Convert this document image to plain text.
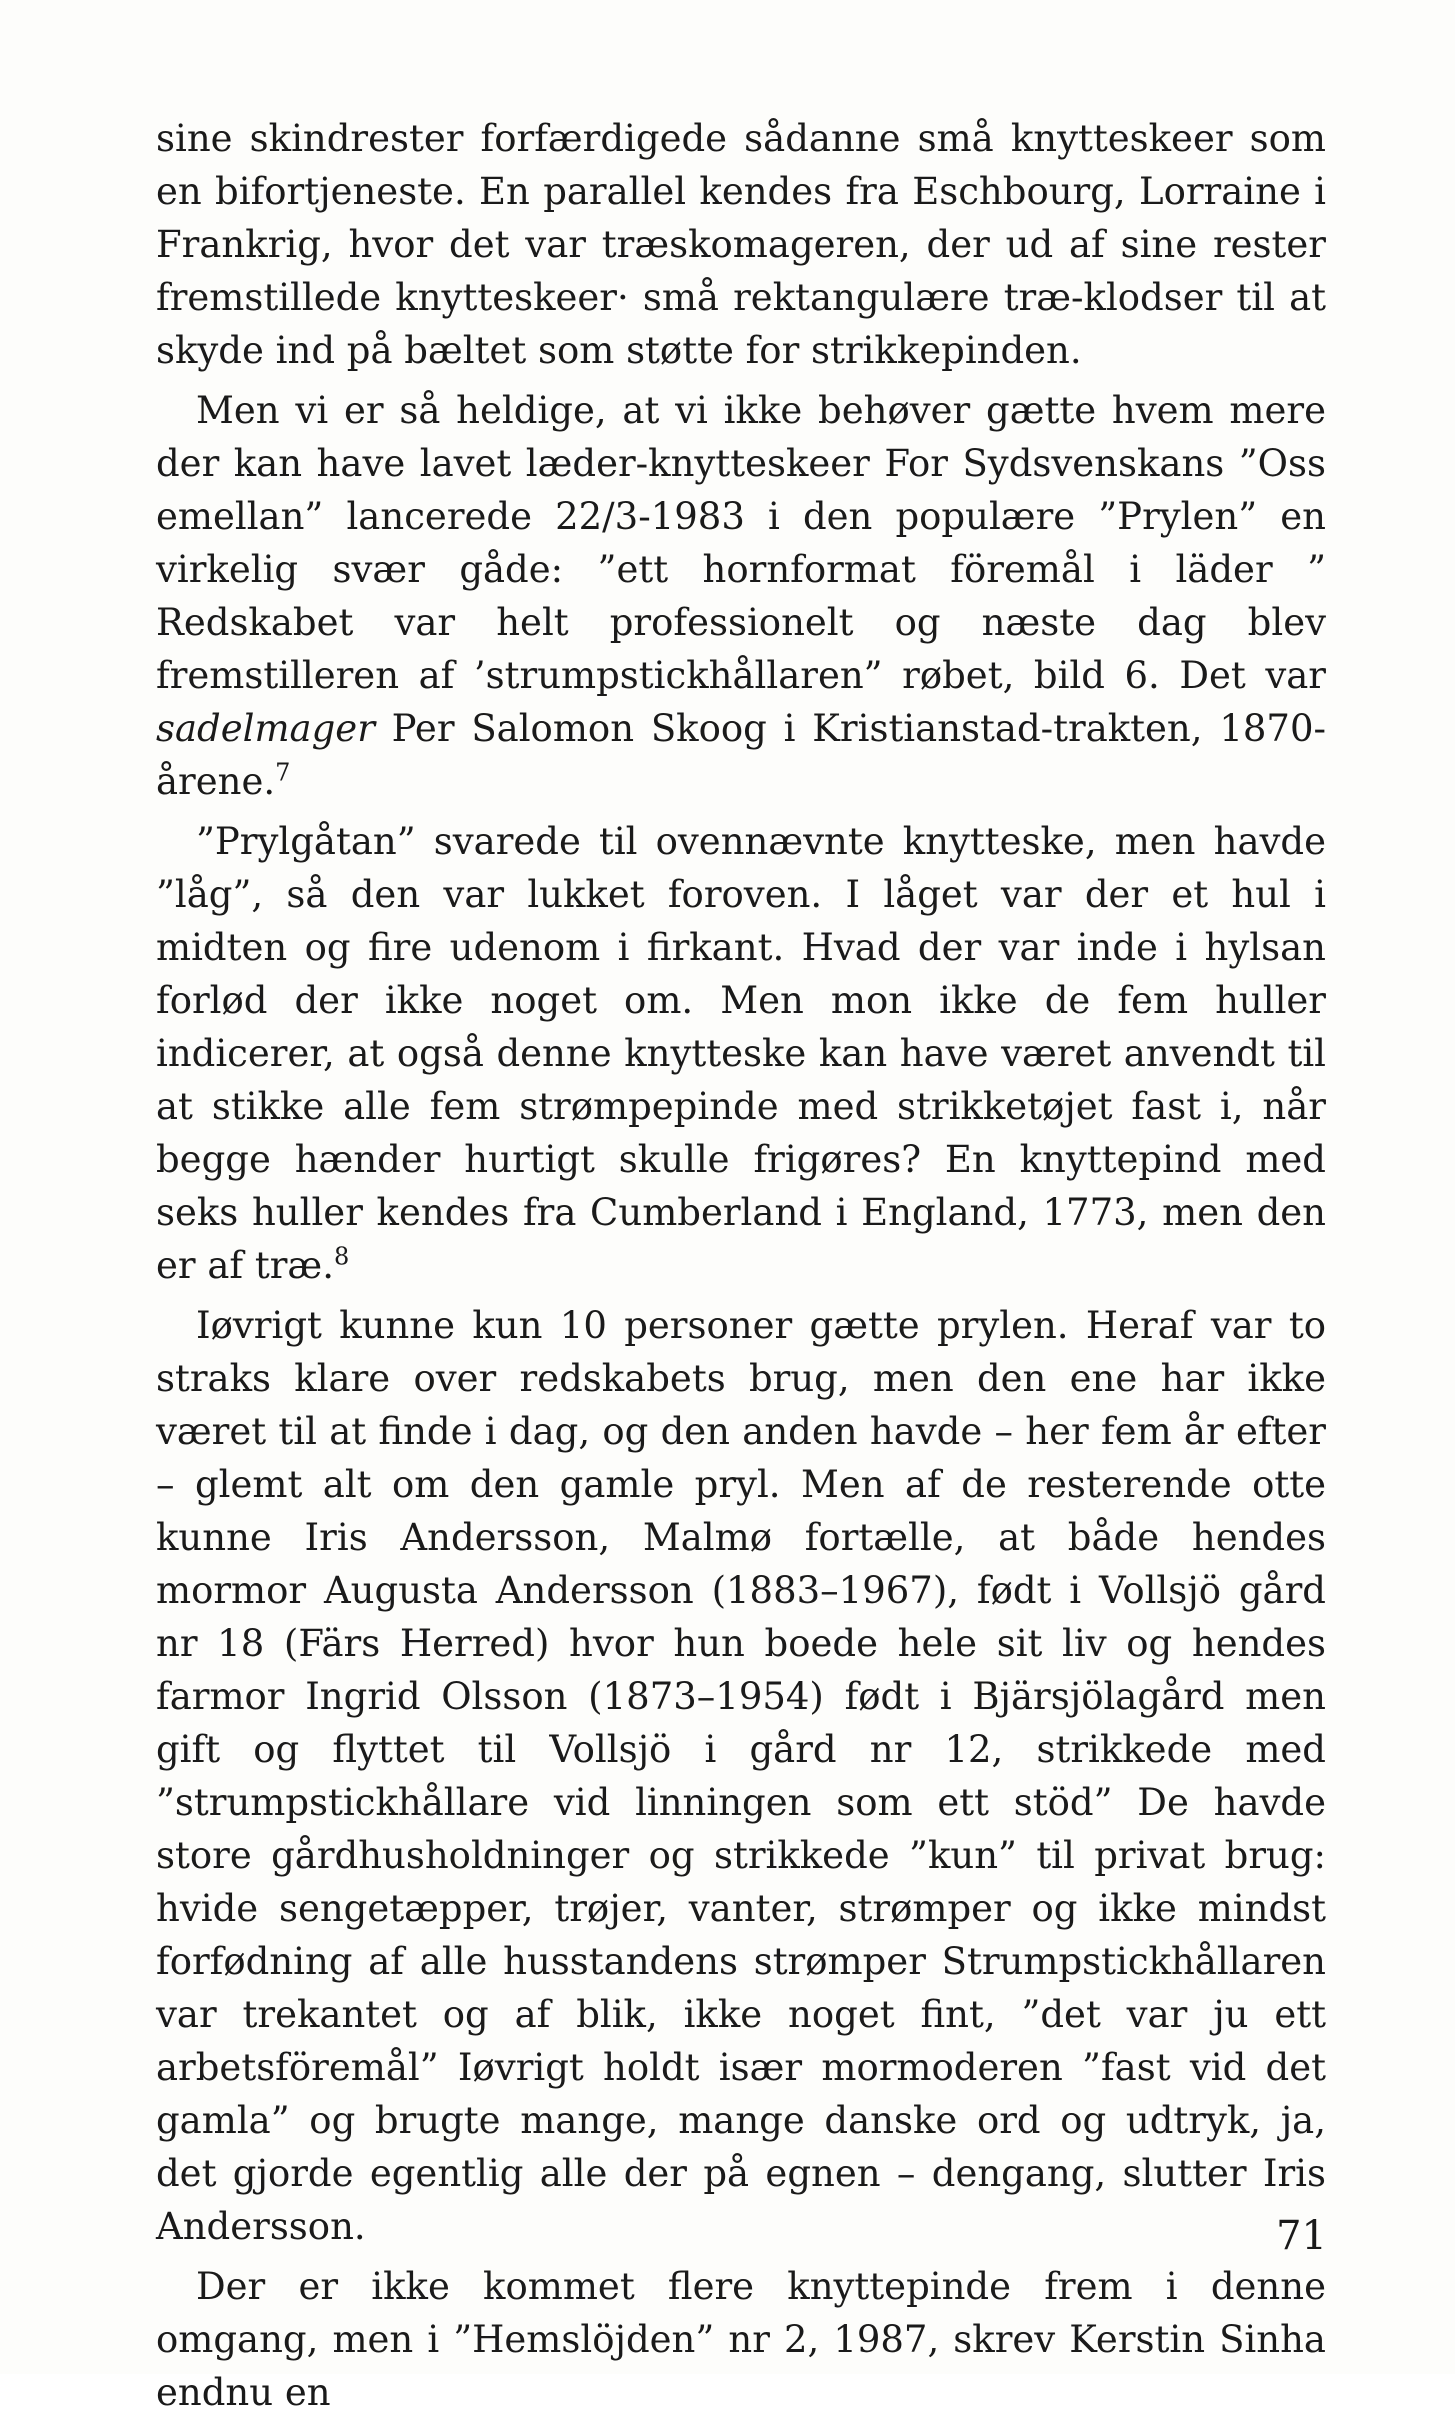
sine skindrester forfærdigede sådanne små knytteskeer som en bifortjeneste. En parallel kendes fra Eschbourg, Lorraine i Frankrig, hvor det var træskomageren, der ud af sine rester fremstillede knytteskeer· små rektangulære træ-klodser til at skyde ind på bæltet som støtte for strikkepinden.

Men vi er så heldige, at vi ikke behøver gætte hvem mere der kan have lavet læder-knytteskeer For Sydsvenskans ”Oss emellan” lancerede 22/3-1983 i den populære ”Prylen” en virkelig svær gåde: ”ett hornformat föremål i läder ” Redskabet var helt professionelt og næste dag blev fremstilleren af ’strumpstickhållaren” røbet, bild 6. Det var sadelmager Per Salomon Skoog i Kristianstad-trakten, 1870-årene.$^7$

”Prylgåtan” svarede til ovennævnte knytteske, men havde ”låg”, så den var lukket foroven. I låget var der et hul i midten og fire udenom i firkant. Hvad der var inde i hylsan forlød der ikke noget om. Men mon ikke de fem huller indicerer, at også denne knytteske kan have været anvendt til at stikke alle fem strømpepinde med strikketøjet fast i, når begge hænder hurtigt skulle frigøres? En knyttepind med seks huller kendes fra Cumberland i England, 1773, men den er af træ.$^8$

Iøvrigt kunne kun 10 personer gætte prylen. Heraf var to straks klare over redskabets brug, men den ene har ikke været til at finde i dag, og den anden havde – her fem år efter – glemt alt om den gamle pryl. Men af de resterende otte kunne Iris Andersson, Malmø fortælle, at både hendes mormor Augusta Andersson (1883–1967), født i Vollsjö gård nr 18 (Färs Herred) hvor hun boede hele sit liv og hendes farmor Ingrid Olsson (1873–1954) født i Bjärsjölagård men gift og flyttet til Vollsjö i gård nr 12, strikkede med ”strumpstickhållare vid linningen som ett stöd” De havde store gårdhusholdninger og strikkede ”kun” til privat brug: hvide sengetæpper, trøjer, vanter, strømper og ikke mindst forfødning af alle husstandens strømper Strumpstickhållaren var trekantet og af blik, ikke noget fint, ”det var ju ett arbetsföremål” Iøvrigt holdt især mormoderen ”fast vid det gamla” og brugte mange, mange danske ord og udtryk, ja, det gjorde egentlig alle der på egnen – dengang, slutter Iris Andersson.

Der er ikke kommet flere knyttepinde frem i denne omgang, men i ”Hemslöjden” nr 2, 1987, skrev Kerstin Sinha endnu en

71
